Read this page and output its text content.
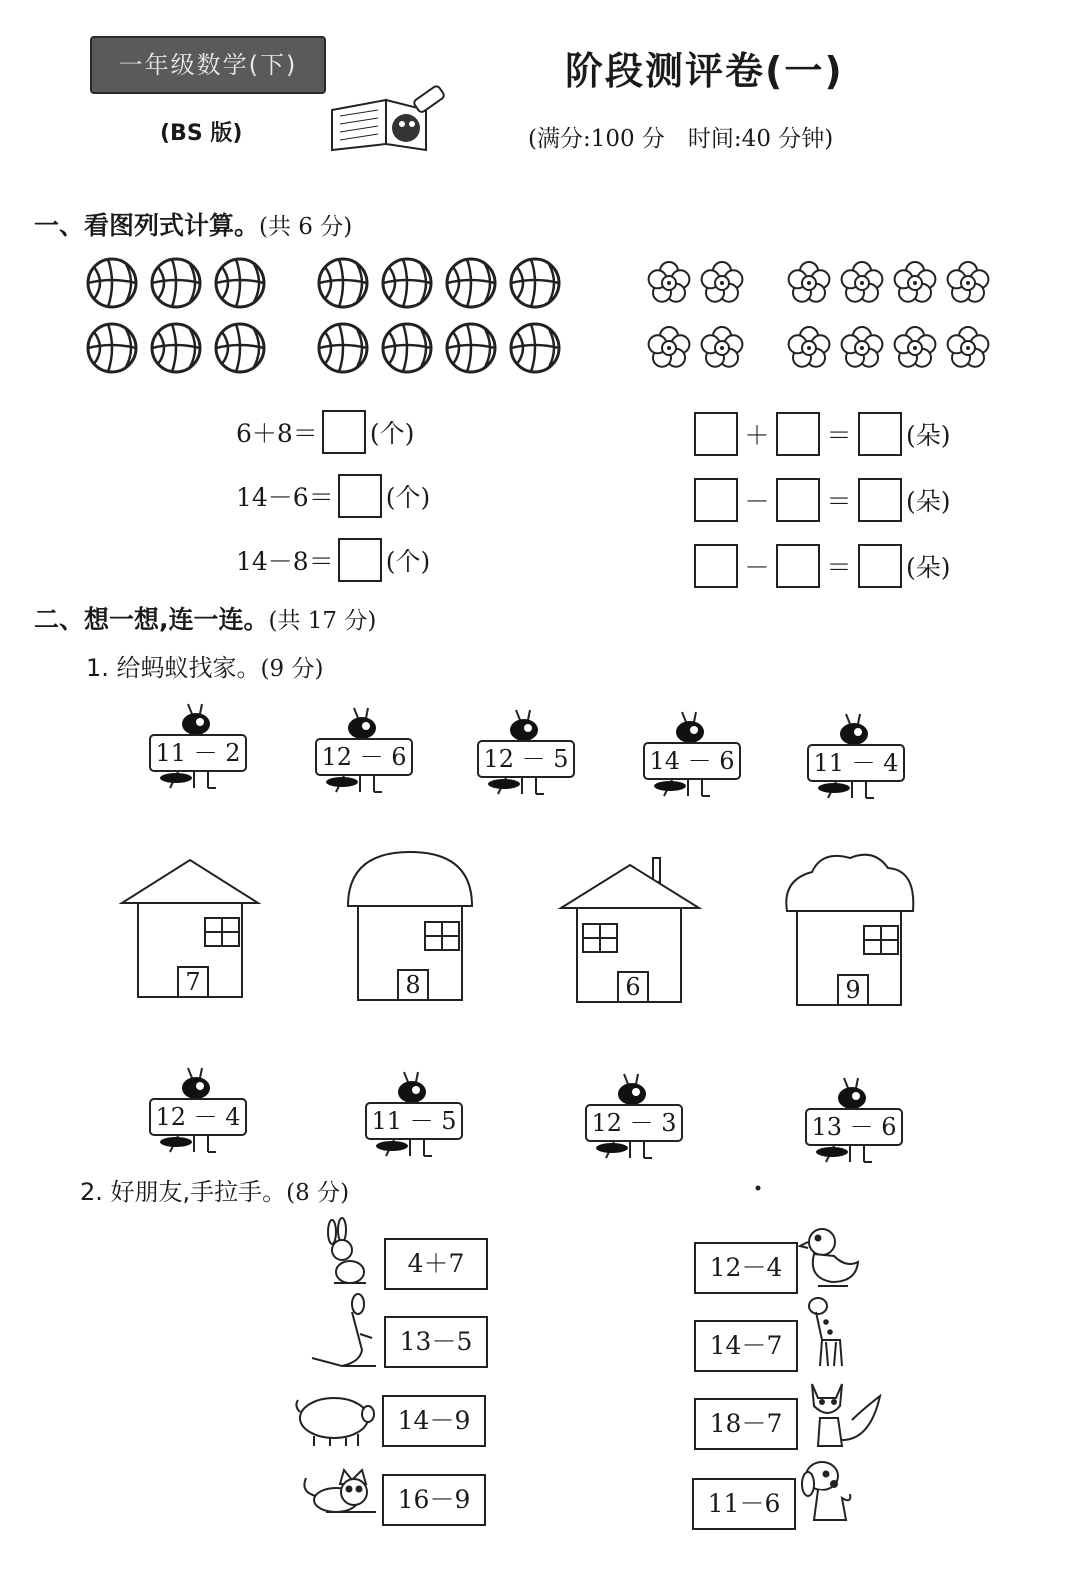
一年级数学(下)
(BS 版)
阶段测评卷(一)
(满分:100 分　时间:40 分钟)
一、看图列式计算。(共 6 分)
6＋8＝ (个)
14－6＝ (个)
14－8＝ (个)
＋ ＝ (朵)
－ ＝ (朵)
－ ＝ (朵)
二、想一想,连一连。(共 17 分)
1. 给蚂蚁找家。(9 分)
11 － 2	12 － 6	12 － 5	14 － 6	11 － 4
7	8	6	9
12 － 4	11 － 5	12 － 3	13 － 6
2. 好朋友,手拉手。(8 分)
4＋7
13－5
14－9
16－9
12－4
14－7
18－7
11－6
